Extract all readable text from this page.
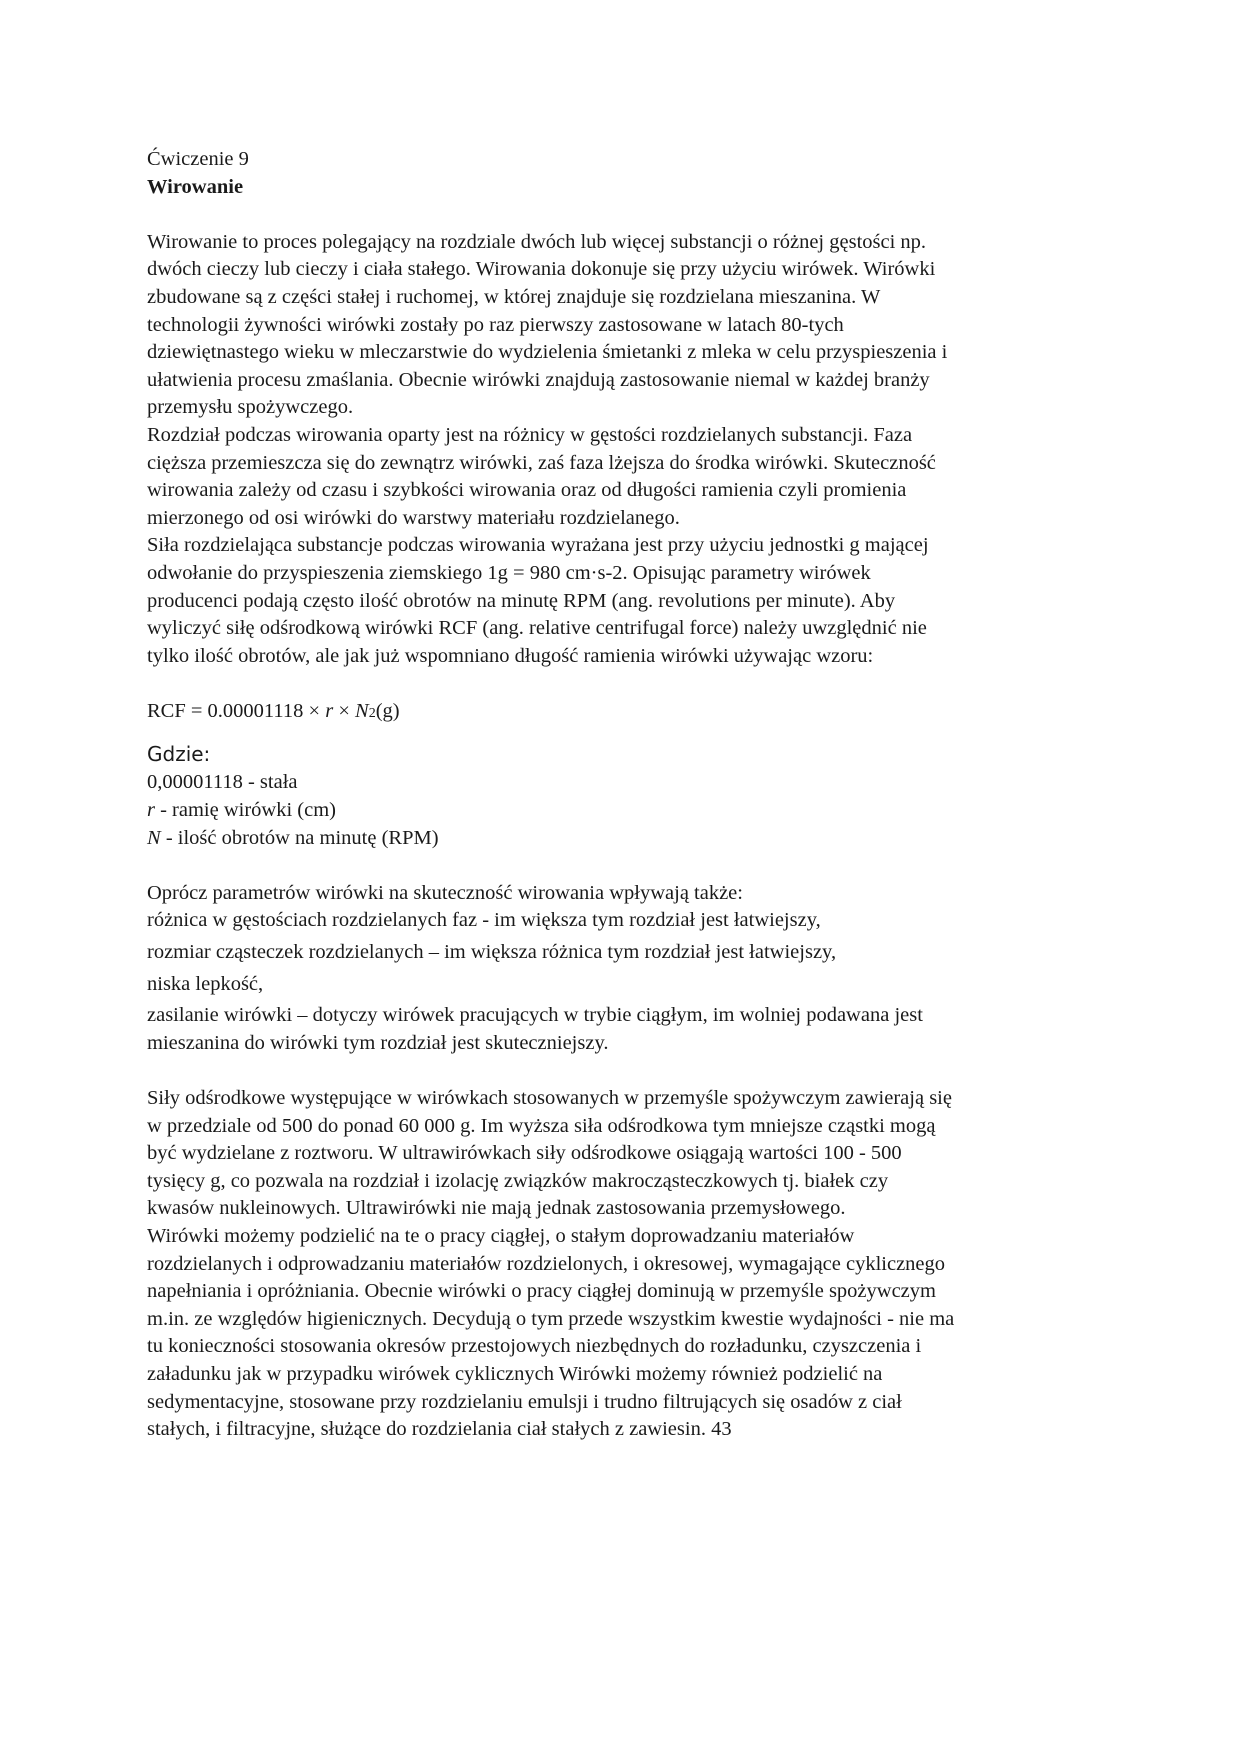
Ćwiczenie 9
Wirowanie
Wirowanie to proces polegający na rozdziale dwóch lub więcej substancji o różnej gęstości np.
dwóch cieczy lub cieczy i ciała stałego. Wirowania dokonuje się przy użyciu wirówek. Wirówki
zbudowane są z części stałej i ruchomej, w której znajduje się rozdzielana mieszanina. W
technologii żywności wirówki zostały po raz pierwszy zastosowane w latach 80-tych
dziewiętnastego wieku w mleczarstwie do wydzielenia śmietanki z mleka w celu przyspieszenia i
ułatwienia procesu zmaślania. Obecnie wirówki znajdują zastosowanie niemal w każdej branży
przemysłu spożywczego.
Rozdział podczas wirowania oparty jest na różnicy w gęstości rozdzielanych substancji. Faza
cięższa przemieszcza się do zewnątrz wirówki, zaś faza lżejsza do środka wirówki. Skuteczność
wirowania zależy od czasu i szybkości wirowania oraz od długości ramienia czyli promienia
mierzonego od osi wirówki do warstwy materiału rozdzielanego.
Siła rozdzielająca substancje podczas wirowania wyrażana jest przy użyciu jednostki g mającej
odwołanie do przyspieszenia ziemskiego 1g = 980 cm·s-2. Opisując parametry wirówek
producenci podają często ilość obrotów na minutę RPM (ang. revolutions per minute). Aby
wyliczyć siłę odśrodkową wirówki RCF (ang. relative centrifugal force) należy uwzględnić nie
tylko ilość obrotów, ale jak już wspomniano długość ramienia wirówki używając wzoru:
RCF = 0.00001118 × r × N2(g)
Gdzie:
0,00001118 - stała
r - ramię wirówki (cm)
N - ilość obrotów na minutę (RPM)
Oprócz parametrów wirówki na skuteczność wirowania wpływają także:
różnica w gęstościach rozdzielanych faz - im większa tym rozdział jest łatwiejszy,
rozmiar cząsteczek rozdzielanych – im większa różnica tym rozdział jest łatwiejszy,
niska lepkość,
zasilanie wirówki – dotyczy wirówek pracujących w trybie ciągłym, im wolniej podawana jest
mieszanina do wirówki tym rozdział jest skuteczniejszy.
Siły odśrodkowe występujące w wirówkach stosowanych w przemyśle spożywczym zawierają się
w przedziale od 500 do ponad 60 000 g. Im wyższa siła odśrodkowa tym mniejsze cząstki mogą
być wydzielane z roztworu. W ultrawirówkach siły odśrodkowe osiągają wartości 100 - 500
tysięcy g, co pozwala na rozdział i izolację związków makrocząsteczkowych tj. białek czy
kwasów nukleinowych. Ultrawirówki nie mają jednak zastosowania przemysłowego.
Wirówki możemy podzielić na te o pracy ciągłej, o stałym doprowadzaniu materiałów
rozdzielanych i odprowadzaniu materiałów rozdzielonych, i okresowej, wymagające cyklicznego
napełniania i opróżniania. Obecnie wirówki o pracy ciągłej dominują w przemyśle spożywczym
m.in. ze względów higienicznych. Decydują o tym przede wszystkim kwestie wydajności - nie ma
tu konieczności stosowania okresów przestojowych niezbędnych do rozładunku, czyszczenia i
załadunku jak w przypadku wirówek cyklicznych Wirówki możemy również podzielić na
sedymentacyjne, stosowane przy rozdzielaniu emulsji i trudno filtrujących się osadów z ciał
stałych, i filtracyjne, służące do rozdzielania ciał stałych z zawiesin. 43
